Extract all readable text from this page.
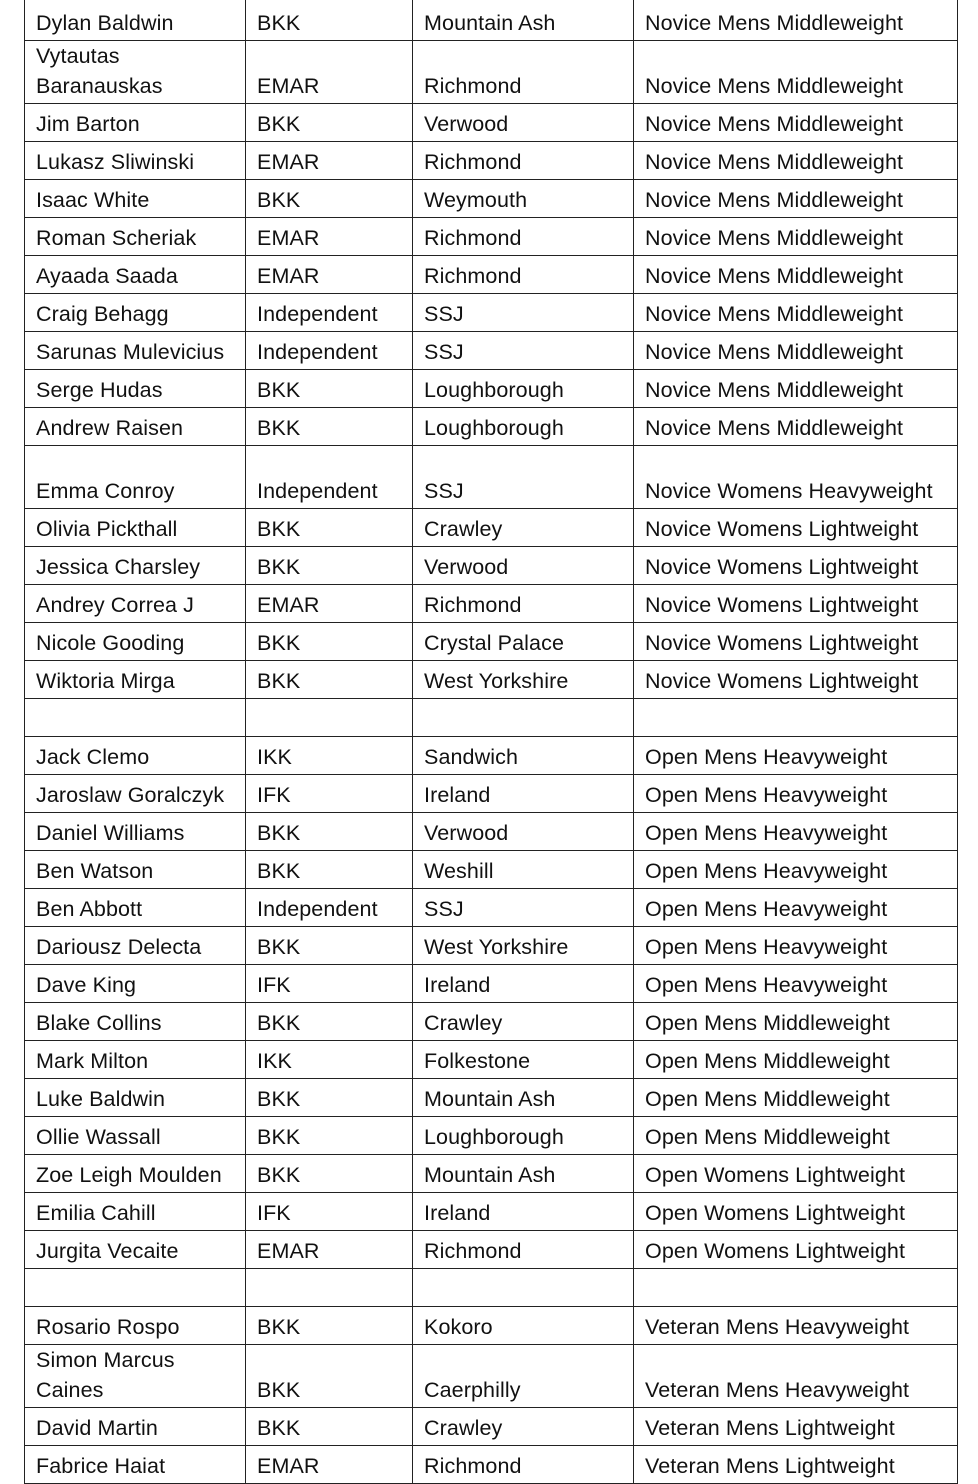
Dylan Baldwin	BKK	Mountain Ash	Novice Mens Middleweight
Vytautas Baranauskas	EMAR	Richmond	Novice Mens Middleweight
Jim Barton	BKK	Verwood	Novice Mens Middleweight
Lukasz Sliwinski	EMAR	Richmond	Novice Mens Middleweight
Isaac White	BKK	Weymouth	Novice Mens Middleweight
Roman Scheriak	EMAR	Richmond	Novice Mens Middleweight
Ayaada Saada	EMAR	Richmond	Novice Mens Middleweight
Craig Behagg	Independent	SSJ	Novice Mens Middleweight
Sarunas Mulevicius	Independent	SSJ	Novice Mens Middleweight
Serge Hudas	BKK	Loughborough	Novice Mens Middleweight
Andrew Raisen	BKK	Loughborough	Novice Mens Middleweight
Emma Conroy	Independent	SSJ	Novice Womens Heavyweight
Olivia Pickthall	BKK	Crawley	Novice Womens Lightweight
Jessica Charsley	BKK	Verwood	Novice Womens Lightweight
Andrey Correa J	EMAR	Richmond	Novice Womens Lightweight
Nicole Gooding	BKK	Crystal Palace	Novice Womens Lightweight
Wiktoria Mirga	BKK	West Yorkshire	Novice Womens Lightweight

Jack Clemo	IKK	Sandwich	Open Mens Heavyweight
Jaroslaw Goralczyk	IFK	Ireland	Open Mens Heavyweight
Daniel Williams	BKK	Verwood	Open Mens Heavyweight
Ben Watson	BKK	Weshill	Open Mens Heavyweight
Ben Abbott	Independent	SSJ	Open Mens Heavyweight
Dariousz Delecta	BKK	West Yorkshire	Open Mens Heavyweight
Dave King	IFK	Ireland	Open Mens Heavyweight
Blake Collins	BKK	Crawley	Open Mens Middleweight
Mark Milton	IKK	Folkestone	Open Mens Middleweight
Luke Baldwin	BKK	Mountain Ash	Open Mens Middleweight
Ollie Wassall	BKK	Loughborough	Open Mens Middleweight
Zoe Leigh Moulden	BKK	Mountain Ash	Open Womens Lightweight
Emilia Cahill	IFK	Ireland	Open Womens Lightweight
Jurgita Vecaite	EMAR	Richmond	Open Womens Lightweight

Rosario Rospo	BKK	Kokoro	Veteran Mens Heavyweight
Simon Marcus Caines	BKK	Caerphilly	Veteran Mens Heavyweight
David Martin	BKK	Crawley	Veteran Mens Lightweight
Fabrice Haiat	EMAR	Richmond	Veteran Mens Lightweight
